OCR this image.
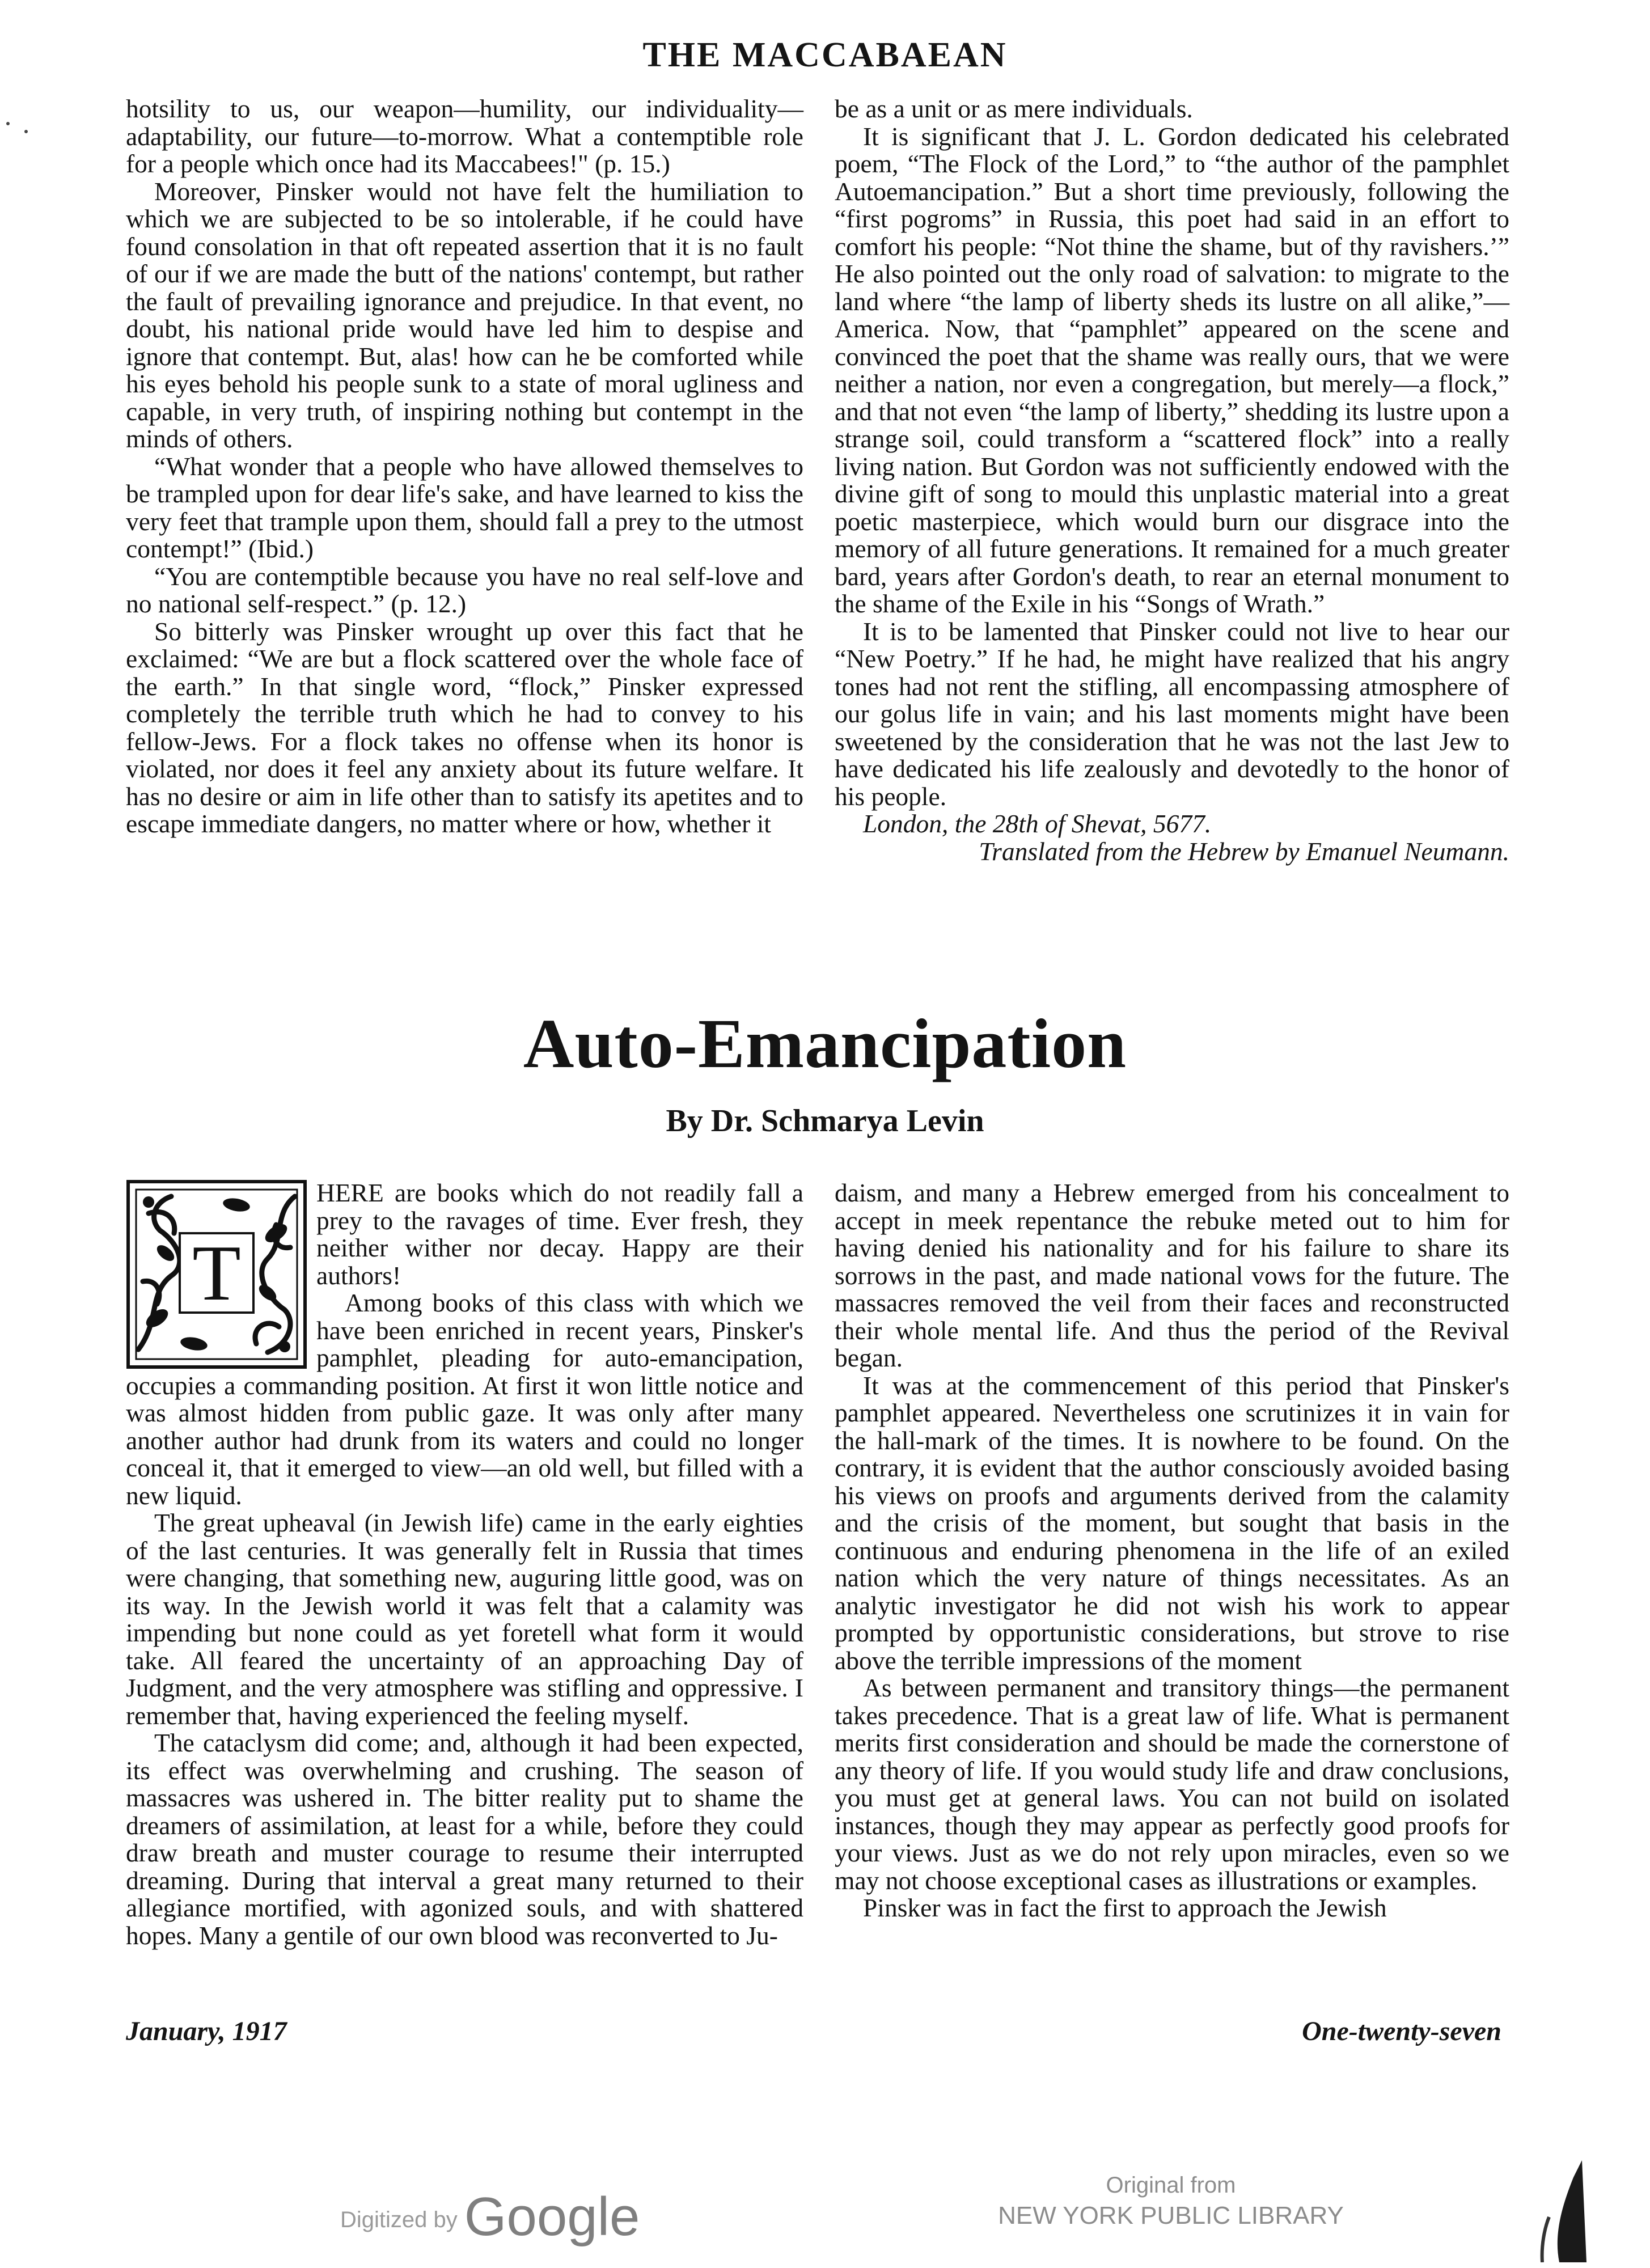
THE MACCABAEAN

hotsility to us, our weapon—humility, our individuality—adaptability, our future—to-morrow. What a contemptible role for a people which once had its Maccabees!" (p. 15.)

Moreover, Pinsker would not have felt the humiliation to which we are subjected to be so intolerable, if he could have found consolation in that oft repeated assertion that it is no fault of our if we are made the butt of the nations' contempt, but rather the fault of prevailing ignorance and prejudice. In that event, no doubt, his national pride would have led him to despise and ignore that contempt. But, alas! how can he be comforted while his eyes behold his people sunk to a state of moral ugliness and capable, in very truth, of inspiring nothing but contempt in the minds of others.

“What wonder that a people who have allowed themselves to be trampled upon for dear life's sake, and have learned to kiss the very feet that trample upon them, should fall a prey to the utmost contempt!” (Ibid.)

“You are contemptible because you have no real self-love and no national self-respect.” (p. 12.)

So bitterly was Pinsker wrought up over this fact that he exclaimed: “We are but a flock scattered over the whole face of the earth.” In that single word, “flock,” Pinsker expressed completely the terrible truth which he had to convey to his fellow-Jews. For a flock takes no offense when its honor is violated, nor does it feel any anxiety about its future welfare. It has no desire or aim in life other than to satisfy its apetites and to escape immediate dangers, no matter where or how, whether it

be as a unit or as mere individuals.

It is significant that J. L. Gordon dedicated his celebrated poem, “The Flock of the Lord,” to “the author of the pamphlet Autoemancipation.” But a short time previously, following the “first pogroms” in Russia, this poet had said in an effort to comfort his people: “Not thine the shame, but of thy ravishers.’” He also pointed out the only road of salvation: to migrate to the land where “the lamp of liberty sheds its lustre on all alike,”—America. Now, that “pamphlet” appeared on the scene and convinced the poet that the shame was really ours, that we were neither a nation, nor even a congregation, but merely—a flock,” and that not even “the lamp of liberty,” shedding its lustre upon a strange soil, could transform a “scattered flock” into a really living nation. But Gordon was not sufficiently endowed with the divine gift of song to mould this unplastic material into a great poetic masterpiece, which would burn our disgrace into the memory of all future generations. It remained for a much greater bard, years after Gordon's death, to rear an eternal monument to the shame of the Exile in his “Songs of Wrath.”

It is to be lamented that Pinsker could not live to hear our “New Poetry.” If he had, he might have realized that his angry tones had not rent the stifling, all encompassing atmosphere of our golus life in vain; and his last moments might have been sweetened by the consideration that he was not the last Jew to have dedicated his life zealously and devotedly to the honor of his people.

London, the 28th of Shevat, 5677.

Translated from the Hebrew by Emanuel Neumann.

Auto-Emancipation
By Dr. Schmarya Levin
T

HERE are books which do not readily fall a prey to the ravages of time. Ever fresh, they neither wither nor decay. Happy are their authors!

Among books of this class with which we have been enriched in recent years, Pinsker's pamphlet, pleading for auto-emancipation, occupies a commanding position. At first it won little notice and was almost hidden from public gaze. It was only after many another author had drunk from its waters and could no longer conceal it, that it emerged to view—an old well, but filled with a new liquid.

The great upheaval (in Jewish life) came in the early eighties of the last centuries. It was generally felt in Russia that times were changing, that something new, auguring little good, was on its way. In the Jewish world it was felt that a calamity was impending but none could as yet foretell what form it would take. All feared the uncertainty of an approaching Day of Judgment, and the very atmosphere was stifling and oppressive. I remember that, having experienced the feeling myself.

The cataclysm did come; and, although it had been expected, its effect was overwhelming and crushing. The season of massacres was ushered in. The bitter reality put to shame the dreamers of assimilation, at least for a while, before they could draw breath and muster courage to resume their interrupted dreaming. During that interval a great many returned to their allegiance mortified, with agonized souls, and with shattered hopes. Many a gentile of our own blood was reconverted to Ju-

daism, and many a Hebrew emerged from his concealment to accept in meek repentance the rebuke meted out to him for having denied his nationality and for his failure to share its sorrows in the past, and made national vows for the future. The massacres removed the veil from their faces and reconstructed their whole mental life. And thus the period of the Revival began.

It was at the commencement of this period that Pinsker's pamphlet appeared. Nevertheless one scrutinizes it in vain for the hall-mark of the times. It is nowhere to be found. On the contrary, it is evident that the author consciously avoided basing his views on proofs and arguments derived from the calamity and the crisis of the moment, but sought that basis in the continuous and enduring phenomena in the life of an exiled nation which the very nature of things necessitates. As an analytic investigator he did not wish his work to appear prompted by opportunistic considerations, but strove to rise above the terrible impressions of the moment

As between permanent and transitory things—the permanent takes precedence. That is a great law of life. What is permanent merits first consideration and should be made the cornerstone of any theory of life. If you would study life and draw conclusions, you must get at general laws. You can not build on isolated instances, though they may appear as perfectly good proofs for your views. Just as we do not rely upon miracles, even so we may not choose exceptional cases as illustrations or examples.

Pinsker was in fact the first to approach the Jewish

January, 1917	One-twenty-seven
Digitized by Google
Original from
NEW YORK PUBLIC LIBRARY
